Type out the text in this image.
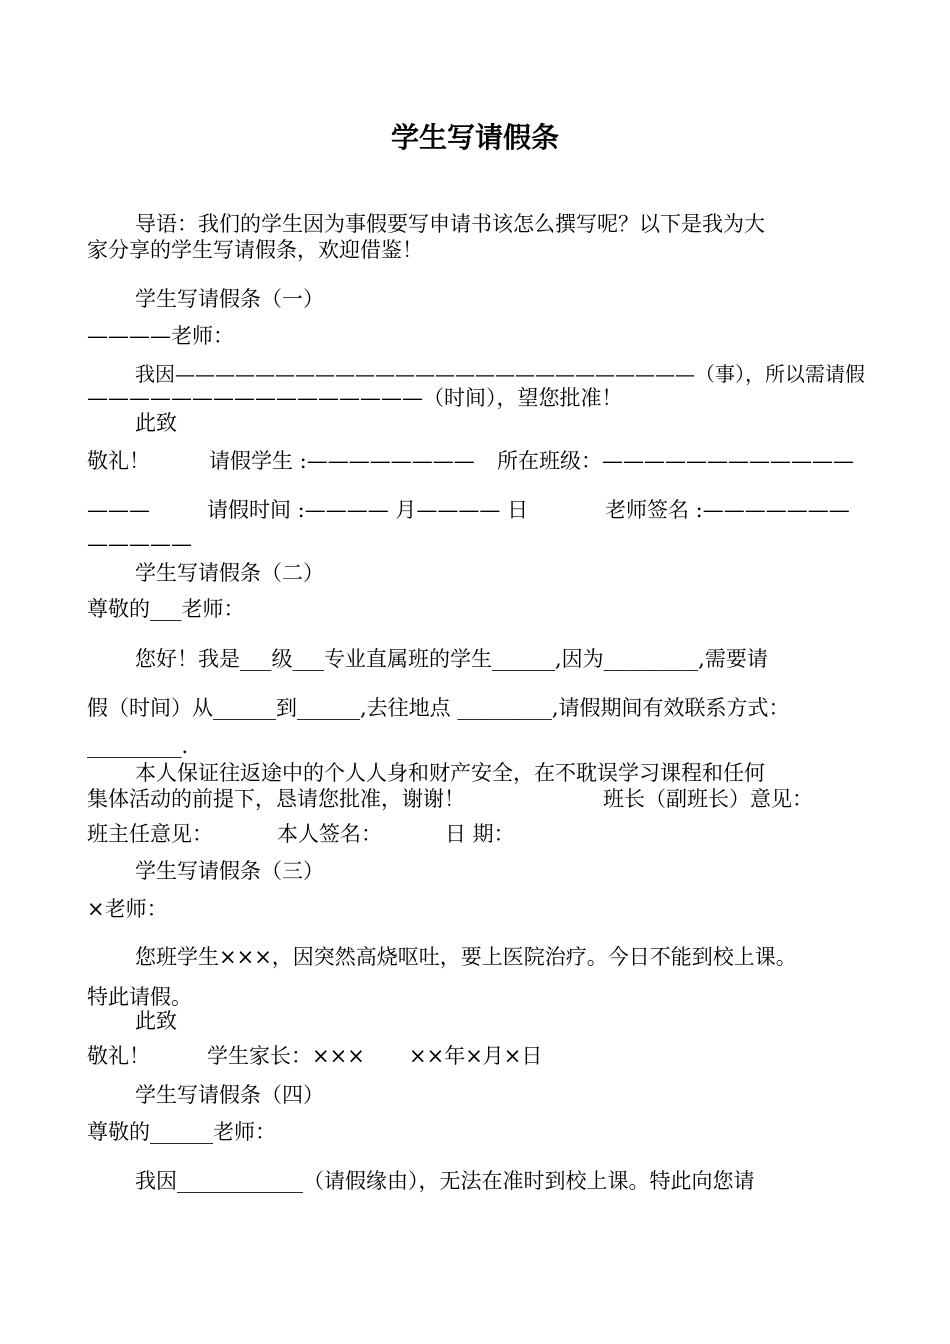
学生写请假条
导语：我们的学生因为事假要写申请书该怎么撰写呢？以下是我为大
家分享的学生写请假条，欢迎借鉴！
学生写请假条（一）
————老师：
我因——————————————————————————（事），所以需请假
————————————————（时间），望您批准！
此致
敬礼！	请假学生 :———————— 所在班级：————————————
———	请假时间 :———— 月———— 日	老师签名 :———————
—————
学生写请假条（二）
尊敬的___老师：
您好！我是___级___专业直属班的学生______,因为_________,需要请
假（时间）从______到______,去往地点 _________,请假期间有效联系方式：
_________.
本人保证往返途中的个人人身和财产安全，在不耽误学习课程和任何
集体活动的前提下，恳请您批准，谢谢！	班长（副班长）意见：
班主任意见：	本人签名：	日 期：
学生写请假条（三）
×老师：
您班学生×××，因突然高烧呕吐，要上医院治疗。今日不能到校上课。
特此请假。
此致
敬礼！	学生家长：××× ××年×月×日
学生写请假条（四）
尊敬的______老师：
我因____________（请假缘由），无法在准时到校上课。特此向您请
